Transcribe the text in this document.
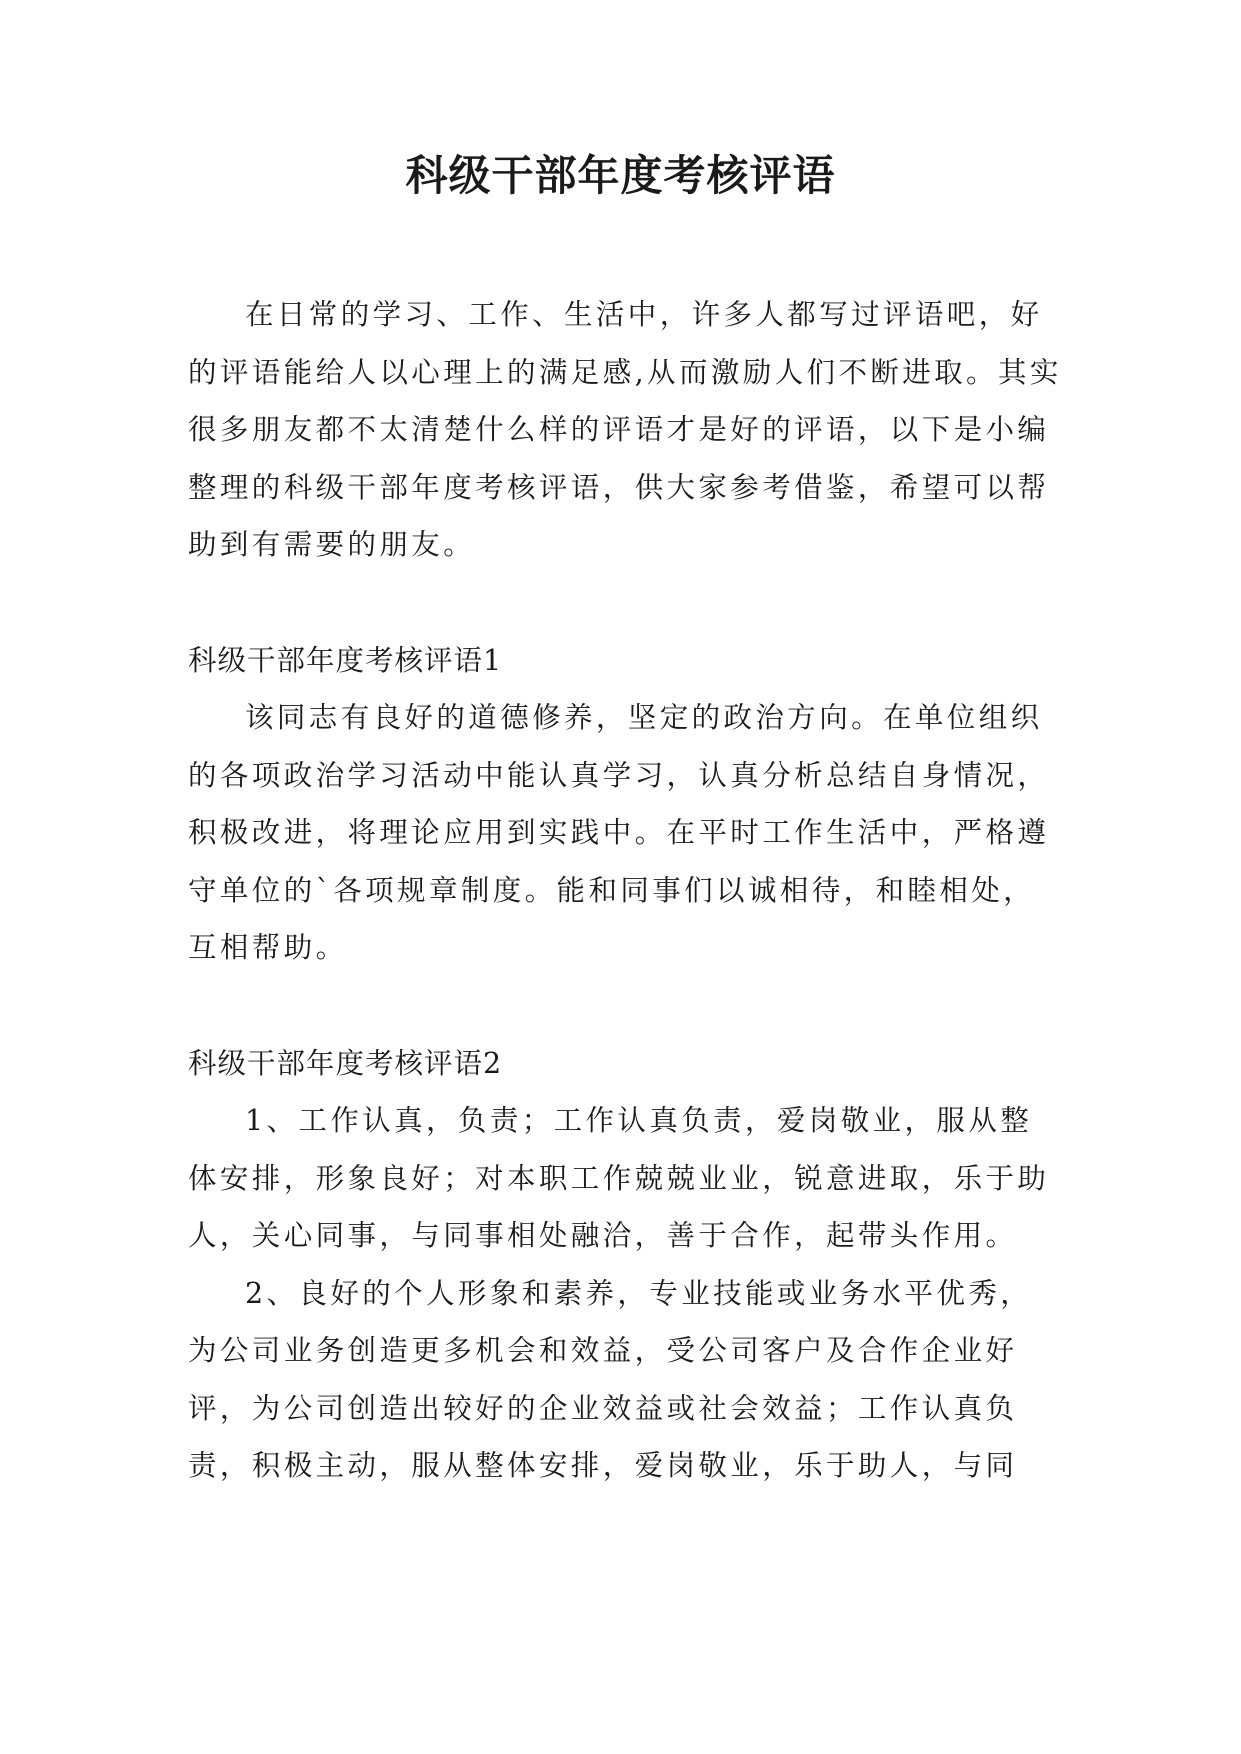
科级干部年度考核评语

在日常的学习、工作、生活中，许多人都写过评语吧，好的评语能给人以心理上的满足感,从而激励人们不断进取。其实很多朋友都不太清楚什么样的评语才是好的评语，以下是小编整理的科级干部年度考核评语，供大家参考借鉴，希望可以帮助到有需要的朋友。

科级干部年度考核评语1

该同志有良好的道德修养，坚定的政治方向。在单位组织的各项政治学习活动中能认真学习，认真分析总结自身情况，积极改进，将理论应用到实践中。在平时工作生活中，严格遵守单位的`各项规章制度。能和同事们以诚相待，和睦相处，互相帮助。

科级干部年度考核评语2

1、工作认真，负责；工作认真负责，爱岗敬业，服从整体安排，形象良好；对本职工作兢兢业业，锐意进取，乐于助人，关心同事，与同事相处融洽，善于合作，起带头作用。

2、良好的个人形象和素养，专业技能或业务水平优秀，为公司业务创造更多机会和效益，受公司客户及合作企业好评，为公司创造出较好的企业效益或社会效益；工作认真负责，积极主动，服从整体安排，爱岗敬业，乐于助人，与同
